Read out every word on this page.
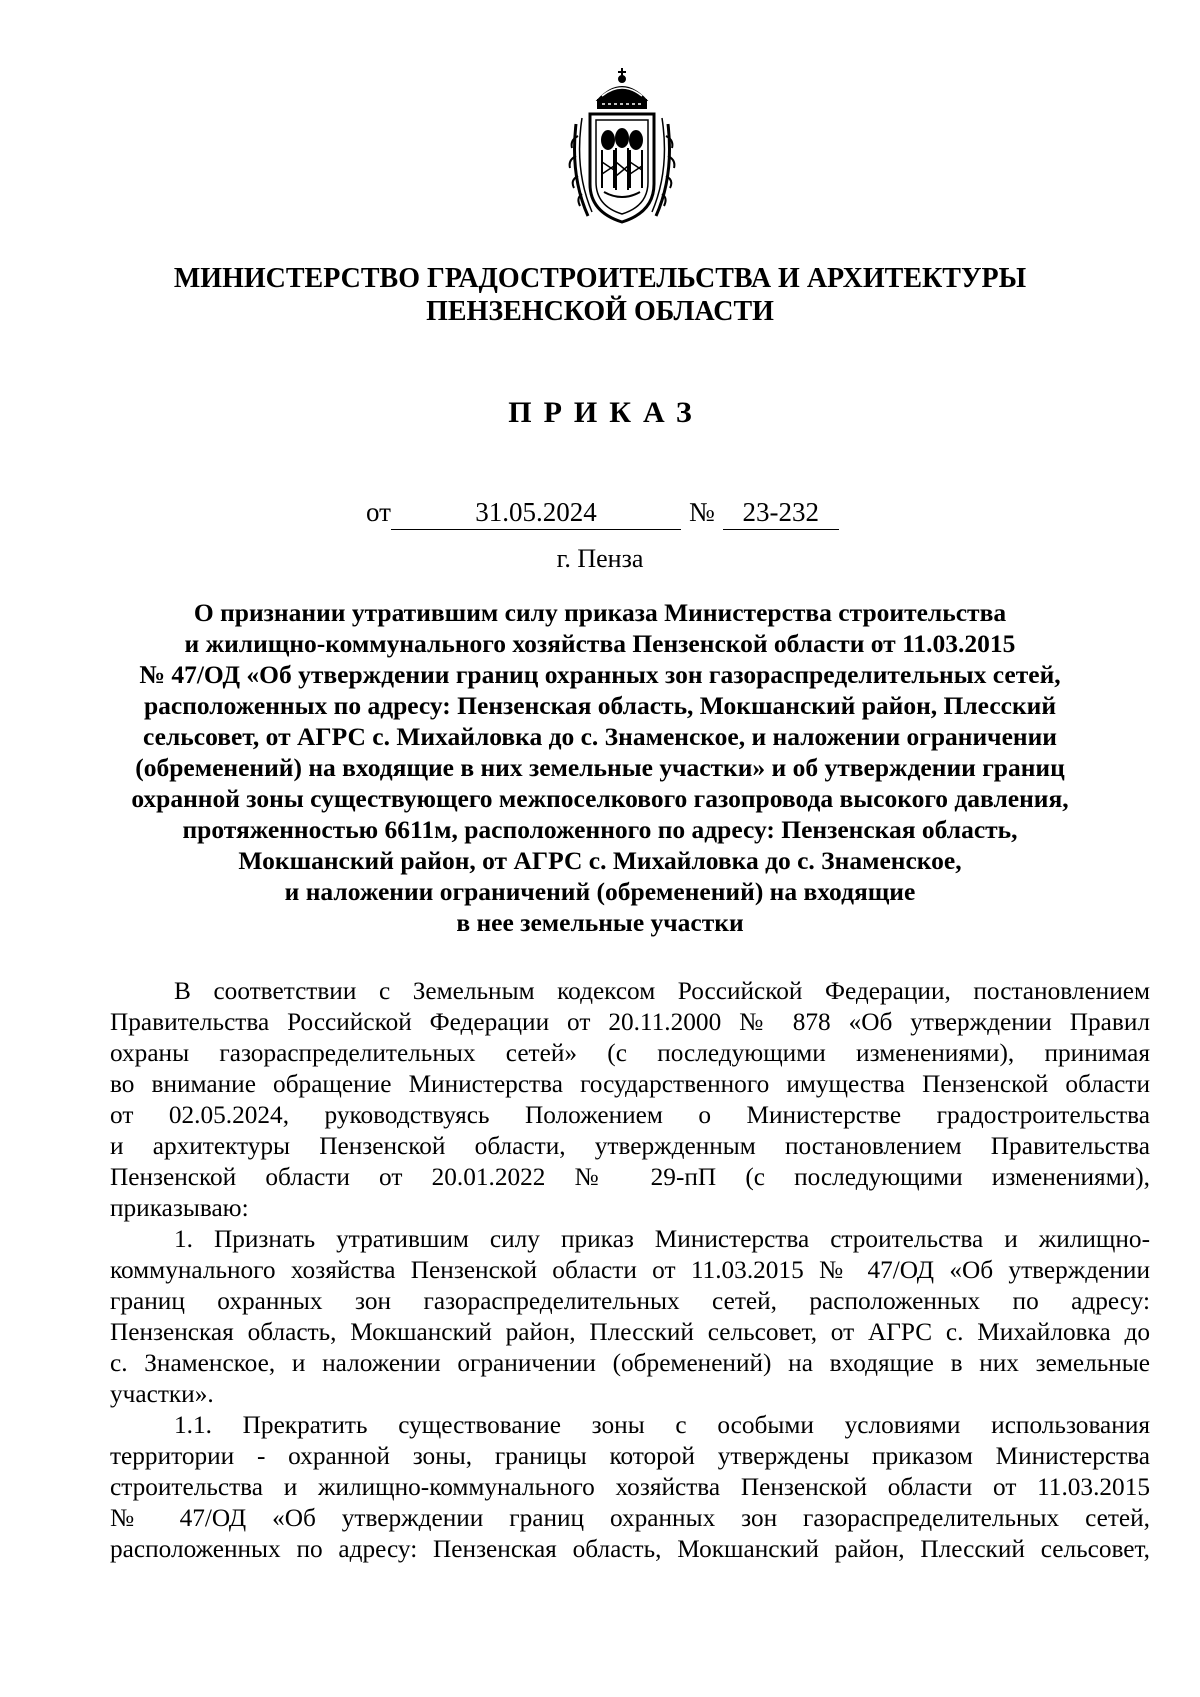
МИНИСТЕРСТВО ГРАДОСТРОИТЕЛЬСТВА И АРХИТЕКТУРЫ
ПЕНЗЕНСКОЙ ОБЛАСТИ
ПРИКАЗ
от	31.05.2024	№ 23-232
г. Пенза
О признании утратившим силу приказа Министерства строительства
и жилищно-коммунального хозяйства Пензенской области от 11.03.2015
№ 47/ОД «Об утверждении границ охранных зон газораспределительных сетей,
расположенных по адресу: Пензенская область, Мокшанский район, Плесский
сельсовет, от АГРС с. Михайловка до с. Знаменское, и наложении ограничении
(обременений) на входящие в них земельные участки» и об утверждении границ
охранной зоны существующего межпоселкового газопровода высокого давления,
протяженностью 6611м, расположенного по адресу: Пензенская область,
Мокшанский район, от АГРС с. Михайловка до с. Знаменское,
и наложении ограничений (обременений) на входящие
в нее земельные участки
В соответствии с Земельным кодексом Российской Федерации, постановлением
Правительства Российской Федерации от 20.11.2000 № 878 «Об утверждении Правил
охраны газораспределительных сетей» (с последующими изменениями), принимая
во внимание обращение Министерства государственного имущества Пензенской области
от 02.05.2024, руководствуясь Положением о Министерстве градостроительства
и архитектуры Пензенской области, утвержденным постановлением Правительства
Пензенской области от 20.01.2022 № 29-пП (с последующими изменениями),
приказываю:
1. Признать утратившим силу приказ Министерства строительства и жилищно-
коммунального хозяйства Пензенской области от 11.03.2015 № 47/ОД «Об утверждении
границ охранных зон газораспределительных сетей, расположенных по адресу:
Пензенская область, Мокшанский район, Плесский сельсовет, от АГРС с. Михайловка до
с. Знаменское, и наложении ограничении (обременений) на входящие в них земельные
участки».
1.1. Прекратить существование зоны с особыми условиями использования
территории - охранной зоны, границы которой утверждены приказом Министерства
строительства и жилищно-коммунального хозяйства Пензенской области от 11.03.2015
№ 47/ОД «Об утверждении границ охранных зон газораспределительных сетей,
расположенных по адресу: Пензенская область, Мокшанский район, Плесский сельсовет,
